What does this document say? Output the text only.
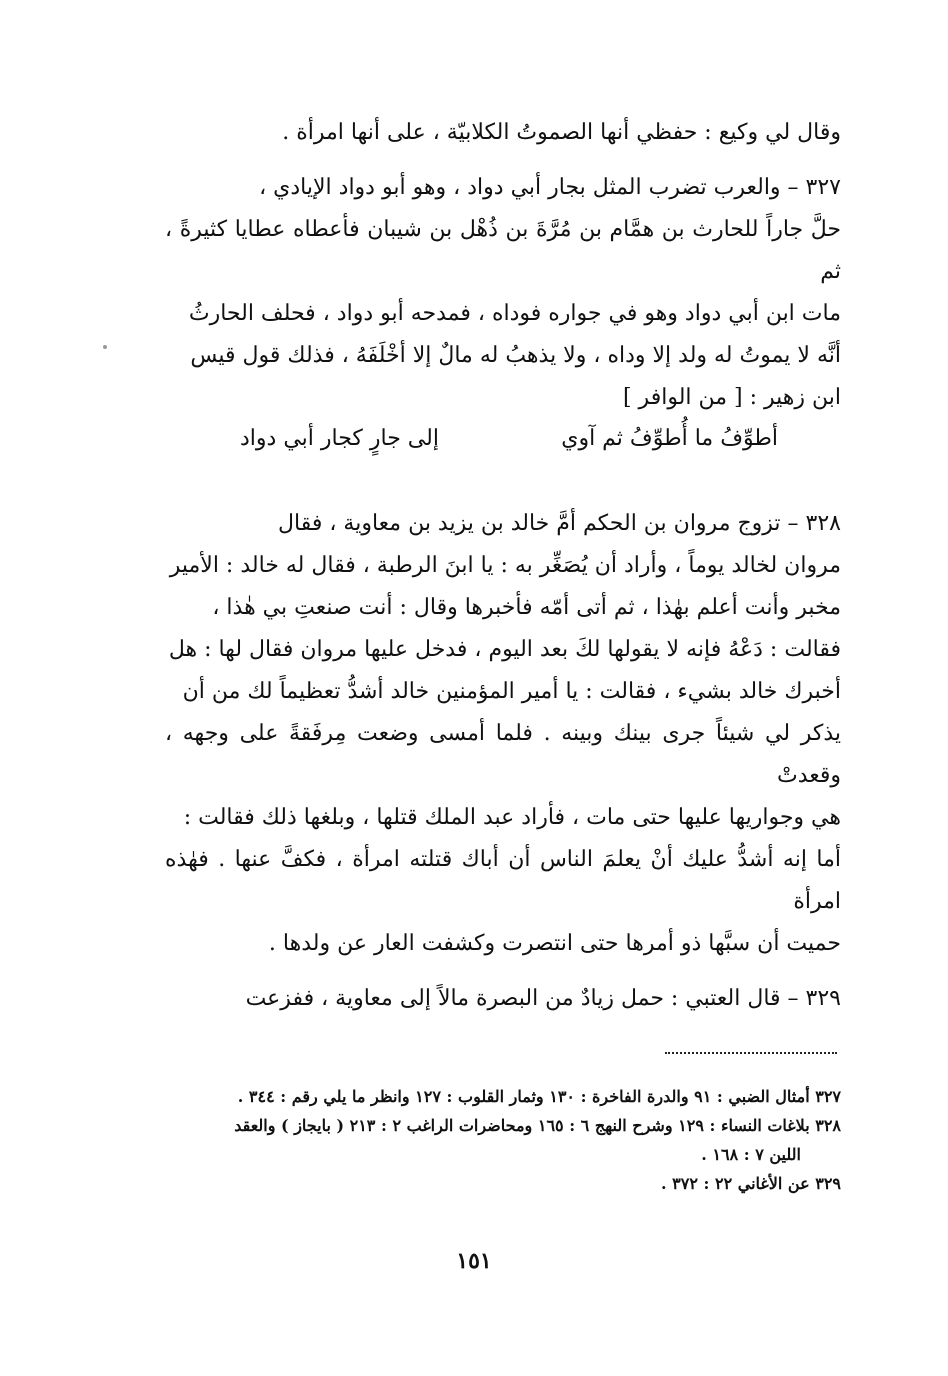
وقال لي وكيع : حفظي أنها الصموتُ الكلابيّة ، على أنها امرأة .

٣٢٧ – والعرب تضرب المثل بجار أبي دواد ، وهو أبو دواد الإيادي ،

حلَّ جاراً للحارث بن همَّام بن مُرَّةَ بن ذُهْل بن شيبان فأعطاه عطايا كثيرةً ، ثم

مات ابن أبي دواد وهو في جواره فوداه ، فمدحه أبو دواد ، فحلف الحارثُ

أنَّه لا يموتُ له ولد إلا وداه ، ولا يذهبُ له مالٌ إلا أخْلَفَهُ ، فذلك قول قيس

ابن زهير : [ من الوافر ]

٣٢٨ – تزوج مروان بن الحكم أمَّ خالد بن يزيد بن معاوية ، فقال

مروان لخالد يوماً ، وأراد أن يُصَغِّر به : يا ابنَ الرطبة ، فقال له خالد : الأمير

مخبر وأنت أعلم بهٰذا ، ثم أتى أمّه فأخبرها وقال : أنت صنعتِ بي هٰذا ،

فقالت : دَعْهُ فإنه لا يقولها لكَ بعد اليوم ، فدخل عليها مروان فقال لها : هل

أخبرك خالد بشيء ، فقالت : يا أمير المؤمنين خالد أشدُّ تعظيماً لك من أن

يذكر لي شيئاً جرى بينك وبينه . فلما أمسى وضعت مِرفَقةً على وجهه ، وقعدتْ

هي وجواريها عليها حتى مات ، فأراد عبد الملك قتلها ، وبلغها ذلك فقالت :

أما إنه أشدُّ عليك أنْ يعلمَ الناس أن أباك قتلته امرأة ، فكفَّ عنها . فهٰذه امرأة

حميت أن سبَّها ذو أمرها حتى انتصرت وكشفت العار عن ولدها .

٣٢٩ – قال العتبي : حمل زيادٌ من البصرة مالاً إلى معاوية ، ففزعت

أطوِّفُ ما أُطوِّفُ ثم آوي
إلى جارٍ كجار أبي دواد

٣٢٧ أمثال الضبي : ٩١ والدرة الفاخرة : ١٣٠ وثمار القلوب : ١٢٧ وانظر ما يلي رقم : ٣٤٤ .

٣٢٨ بلاغات النساء : ١٢٩ وشرح النهج ٦ : ١٦٥ ومحاضرات الراغب ٢ : ٢١٣ ( بايجاز ) والعقد

اللين ٧ : ١٦٨ .

٣٢٩ عن الأغاني ٢٢ : ٣٧٢ .

١٥١
